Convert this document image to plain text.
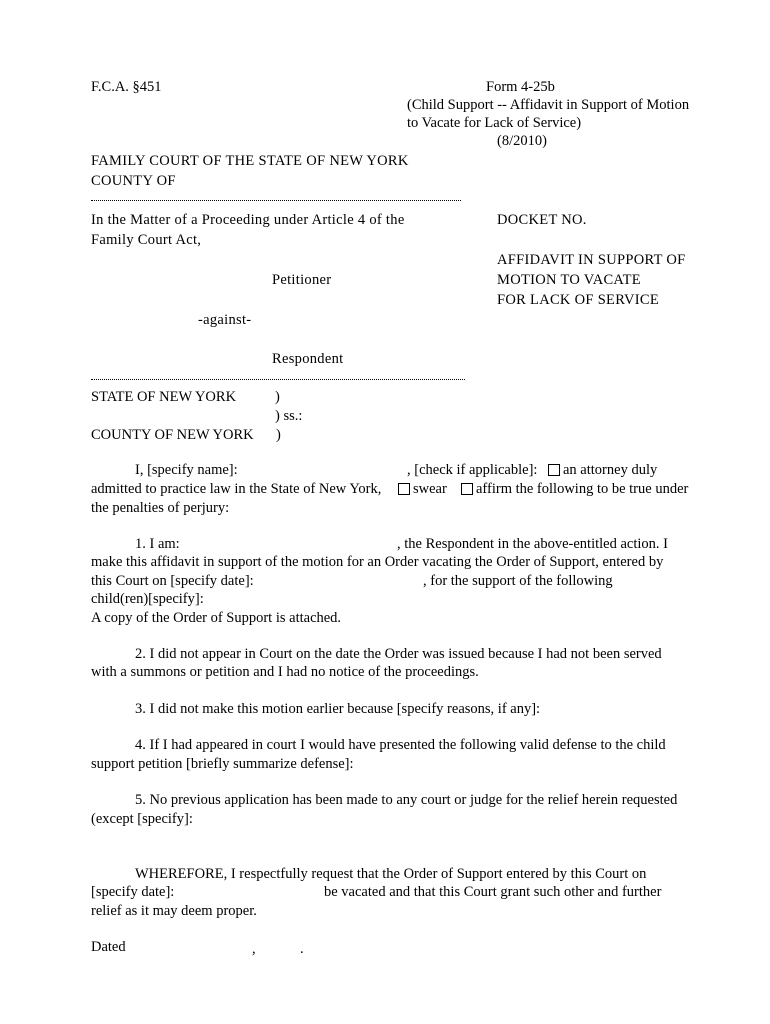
F.C.A. §451	Form 4-25b
(Child Support -- Affidavit in Support of Motion
to Vacate for Lack of Service)
(8/2010)
FAMILY COURT OF THE STATE OF NEW YORK
COUNTY OF
In the Matter of a Proceeding under Article 4 of the
Family Court Act,
Petitioner
-against-
Respondent
DOCKET NO.
AFFIDAVIT IN SUPPORT OF
MOTION TO VACATE
FOR LACK OF SERVICE
STATE OF NEW YORK	)
) ss.:
COUNTY OF NEW YORK )
I, [specify name]:	, [check if applicable]: an attorney duly
admitted to practice law in the State of New York, swear affirm the following to be true under
the penalties of perjury:
1. I am:	, the Respondent in the above-entitled action. I
make this affidavit in support of the motion for an Order vacating the Order of Support, entered by
this Court on [specify date]:	, for the support of the following
child(ren)[specify]:
A copy of the Order of Support is attached.
2. I did not appear in Court on the date the Order was issued because I had not been served
with a summons or petition and I had no notice of the proceedings.
3. I did not make this motion earlier because [specify reasons, if any]:
4. If I had appeared in court I would have presented the following valid defense to the child
support petition [briefly summarize defense]:
5. No previous application has been made to any court or judge for the relief herein requested
(except [specify]:
WHEREFORE, I respectfully request that the Order of Support entered by this Court on
[specify date]:	be vacated and that this Court grant such other and further
relief as it may deem proper.
Dated	,	.
